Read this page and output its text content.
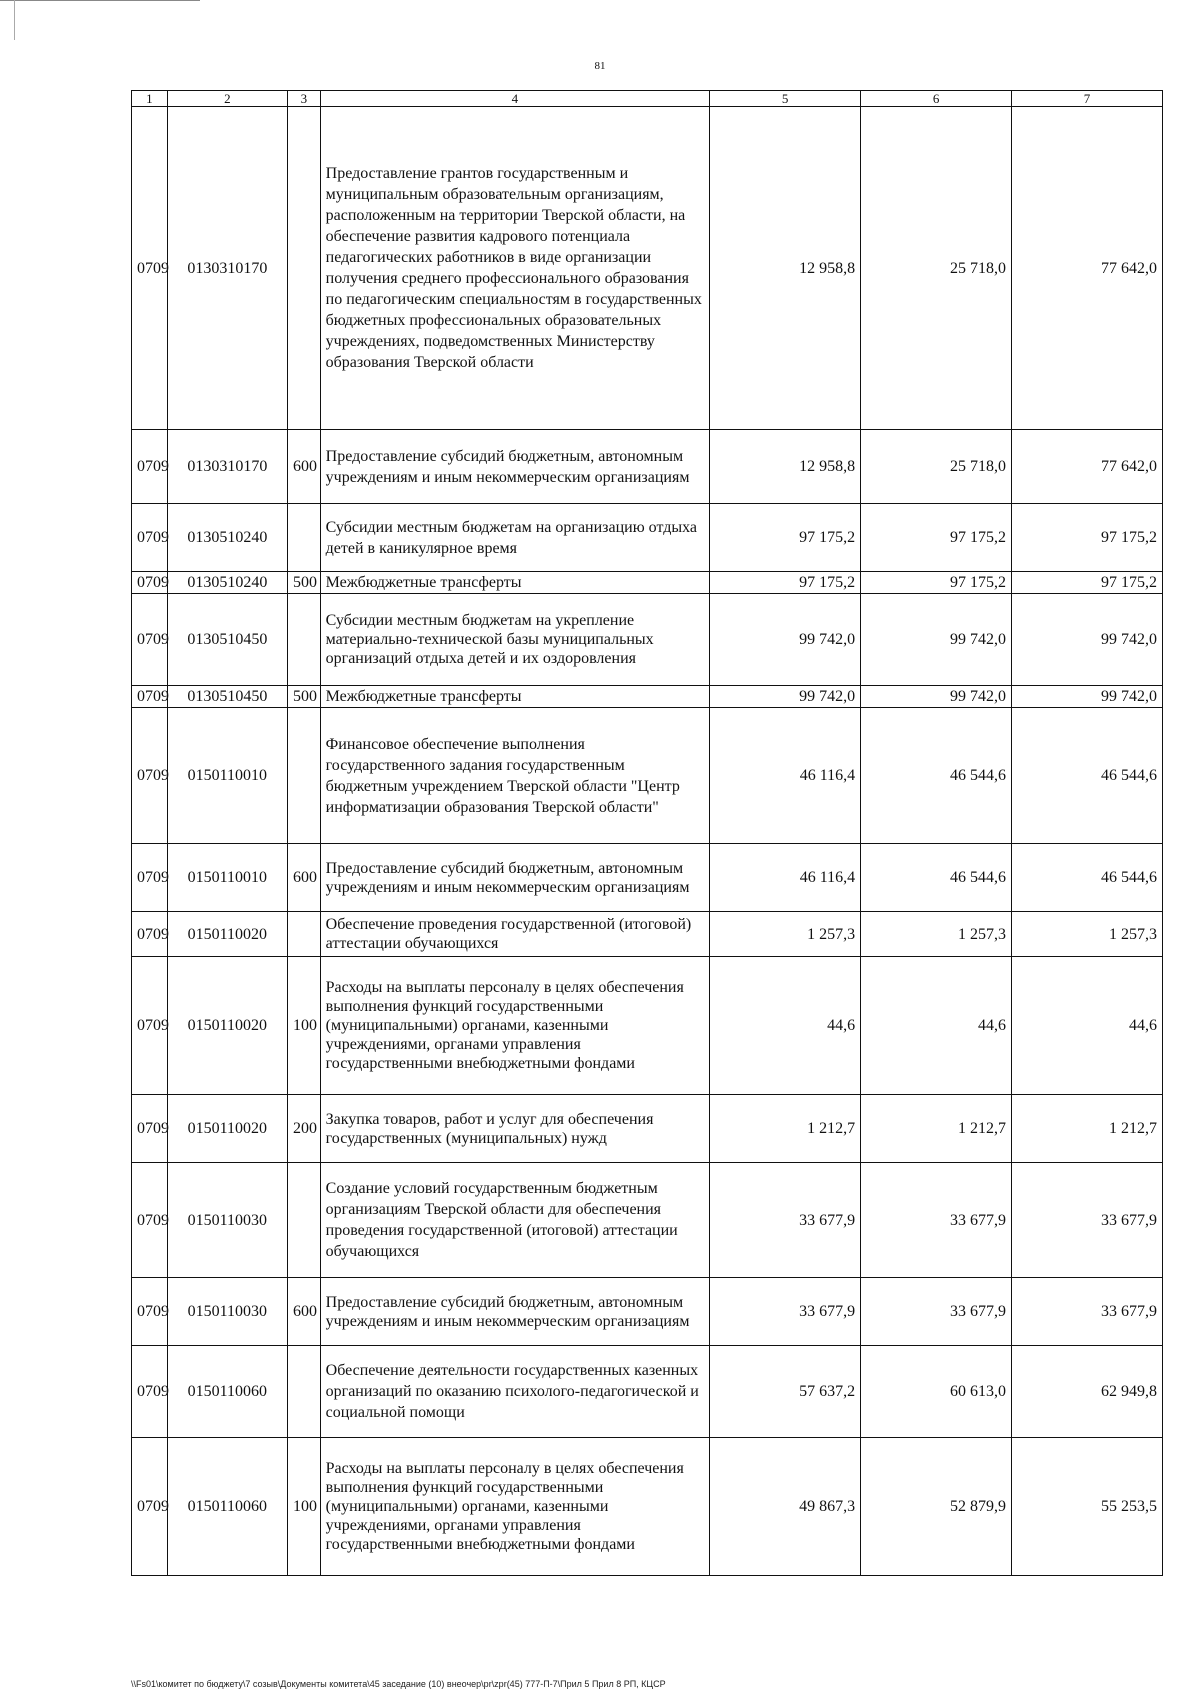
81
1	2	3	4	5	6	7
0709	0130310170		Предоставление грантов государственным и муниципальным образовательным организациям, расположенным на территории Тверской области, на обеспечение развития кадрового потенциала педагогических работников в виде организации получения среднего профессионального образования по педагогическим специальностям в государственных бюджетных профессиональных образовательных учреждениях, подведомственных Министерству образования Тверской области	12 958,8	25 718,0	77 642,0
0709	0130310170	600	Предоставление субсидий бюджетным, автономным учреждениям и иным некоммерческим организациям	12 958,8	25 718,0	77 642,0
0709	0130510240		Субсидии местным бюджетам на организацию отдыха детей в каникулярное время	97 175,2	97 175,2	97 175,2
0709	0130510240	500	Межбюджетные трансферты	97 175,2	97 175,2	97 175,2
0709	0130510450		Субсидии местным бюджетам на укрепление материально-технической базы муниципальных организаций отдыха детей и их оздоровления	99 742,0	99 742,0	99 742,0
0709	0130510450	500	Межбюджетные трансферты	99 742,0	99 742,0	99 742,0
0709	0150110010		Финансовое обеспечение выполнения государственного задания государственным бюджетным учреждением Тверской области "Центр информатизации образования Тверской области"	46 116,4	46 544,6	46 544,6
0709	0150110010	600	Предоставление субсидий бюджетным, автономным учреждениям и иным некоммерческим организациям	46 116,4	46 544,6	46 544,6
0709	0150110020		Обеспечение проведения государственной (итоговой) аттестации обучающихся	1 257,3	1 257,3	1 257,3
0709	0150110020	100	Расходы на выплаты персоналу в целях обеспечения выполнения функций государственными (муниципальными) органами, казенными учреждениями, органами управления государственными внебюджетными фондами	44,6	44,6	44,6
0709	0150110020	200	Закупка товаров, работ и услуг для обеспечения государственных (муниципальных) нужд	1 212,7	1 212,7	1 212,7
0709	0150110030		Создание условий государственным бюджетным организациям Тверской области для обеспечения проведения государственной (итоговой) аттестации обучающихся	33 677,9	33 677,9	33 677,9
0709	0150110030	600	Предоставление субсидий бюджетным, автономным учреждениям и иным некоммерческим организациям	33 677,9	33 677,9	33 677,9
0709	0150110060		Обеспечение деятельности государственных казенных организаций по оказанию психолого-педагогической и социальной помощи	57 637,2	60 613,0	62 949,8
0709	0150110060	100	Расходы на выплаты персоналу в целях обеспечения выполнения функций государственными (муниципальными) органами, казенными учреждениями, органами управления государственными внебюджетными фондами	49 867,3	52 879,9	55 253,5
\\Fs01\комитет по бюджету\7 созыв\Документы комитета\45 заседание (10) внеочер\pr\zpr(45) 777-П-7\Прил 5 Прил 8 РП, КЦСР
